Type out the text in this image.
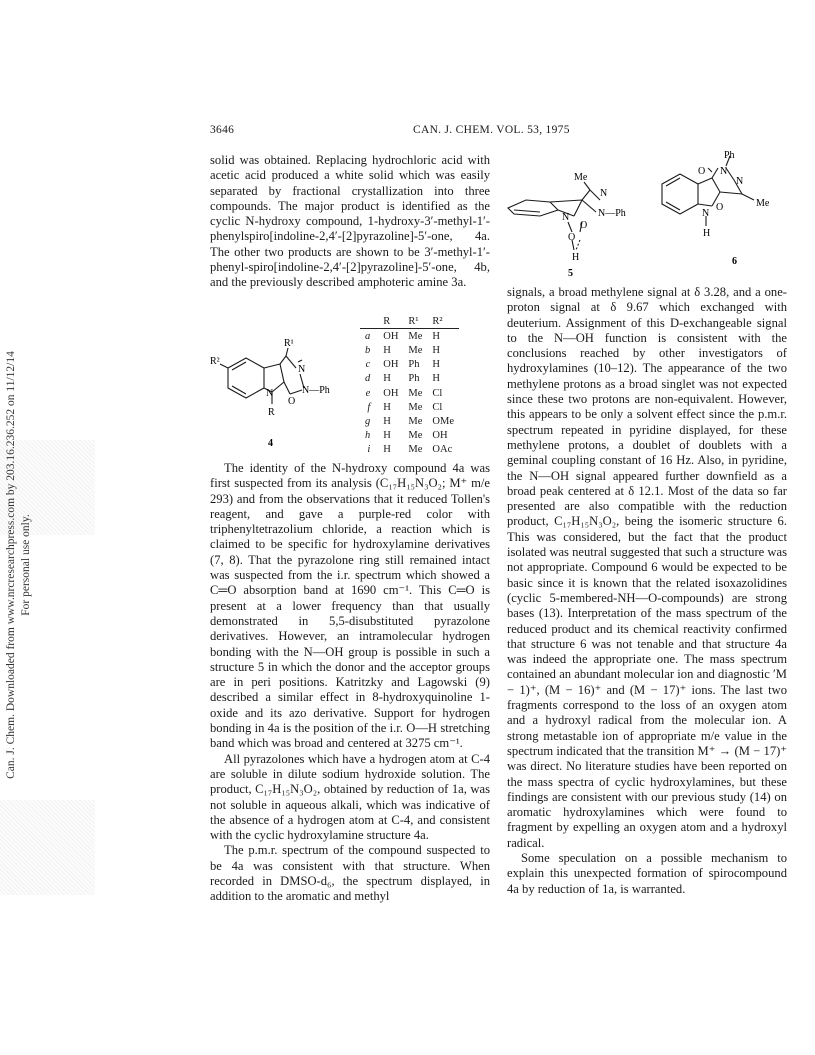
Can. J. Chem. Downloaded from www.nrcresearchpress.com by 203.16.236.252 on 11/12/14 For personal use only.
3646	CAN. J. CHEM. VOL. 53, 1975

solid was obtained. Replacing hydrochloric acid with acetic acid produced a white solid which was easily separated by fractional crystallization into three compounds. The major product is identified as the cyclic N-hydroxy compound, 1-hydroxy-3′-methyl-1′-phenylspiro[indoline-2,4′-[2]pyrazoline]-5′-one, 4a. The other two products are shown to be 3′-methyl-1′-phenyl-spiro[indoline-2,4′-[2]pyrazoline]-5′-one, 4b, and the previously described amphoteric amine 3a.

R¹
R²
N
N	N—Ph
O
R
4
	R	R¹	R²

a	OH	Me	H
b	H	Me	H
c	OH	Ph	H
d	H	Ph	H
e	OH	Me	Cl
f	H	Me	Cl
g	H	Me	OMe
h	H	Me	OH
i	H	Me	OAc

The identity of the N-hydroxy compound 4a was first suspected from its analysis (C₁₇H₁₅N₃O₂; M⁺ m/e 293) and from the observations that it reduced Tollen's reagent, and gave a purple-red color with triphenyltetrazolium chloride, a reaction which is claimed to be specific for hydroxylamine derivatives (7, 8). That the pyrazolone ring still remained intact was suspected from the i.r. spectrum which showed a C═O absorption band at 1690 cm⁻¹. This C═O is present at a lower frequency than that usually demonstrated in 5,5-disubstituted pyrazolone derivatives. However, an intramolecular hydrogen bonding with the N—OH group is possible in such a structure 5 in which the donor and the acceptor groups are in peri positions. Katritzky and Lagowski (9) described a similar effect in 8-hydroxyquinoline 1-oxide and its azo derivative. Support for hydrogen bonding in 4a is the position of the i.r. O—H stretching band which was broad and centered at 3275 cm⁻¹.

All pyrazolones which have a hydrogen atom at C-4 are soluble in dilute sodium hydroxide solution. The product, C₁₇H₁₅N₃O₂, obtained by reduction of 1a, was not soluble in aqueous alkali, which was indicative of the absence of a hydrogen atom at C-4, and consistent with the cyclic hydroxylamine structure 4a.

The p.m.r. spectrum of the compound suspected to be 4a was consistent with that structure. When recorded in DMSO-d₆, the spectrum displayed, in addition to the aromatic and methyl

Me
N
N—Ph
N
O
O
H
5
Ph
O N
N
Me
O
N
H
6

signals, a broad methylene signal at δ 3.28, and a one-proton signal at δ 9.67 which exchanged with deuterium. Assignment of this D-exchangeable signal to the N—OH function is consistent with the conclusions reached by other investigators of hydroxylamines (10–12). The appearance of the two methylene protons as a broad singlet was not expected since these two protons are non-equivalent. However, this appears to be only a solvent effect since the p.m.r. spectrum repeated in pyridine displayed, for these methylene protons, a doublet of doublets with a geminal coupling constant of 16 Hz. Also, in pyridine, the N—OH signal appeared further downfield as a broad peak centered at δ 12.1. Most of the data so far presented are also compatible with the reduction product, C₁₇H₁₅N₃O₂, being the isomeric structure 6. This was considered, but the fact that the product isolated was neutral suggested that such a structure was not appropriate. Compound 6 would be expected to be basic since it is known that the related isoxazolidines (cyclic 5-membered-NH—O-compounds) are strong bases (13). Interpretation of the mass spectrum of the reduced product and its chemical reactivity confirmed that structure 6 was not tenable and that structure 4a was indeed the appropriate one. The mass spectrum contained an abundant molecular ion and diagnostic ′M − 1)⁺, (M − 16)⁺ and (M − 17)⁺ ions. The last two fragments correspond to the loss of an oxygen atom and a hydroxyl radical from the molecular ion. A strong metastable ion of appropriate m/e value in the spectrum indicated that the transition M⁺ → (M − 17)⁺ was direct. No literature studies have been reported on the mass spectra of cyclic hydroxylamines, but these findings are consistent with our previous study (14) on aromatic hydroxylamines which were found to fragment by expelling an oxygen atom and a hydroxyl radical.

Some speculation on a possible mechanism to explain this unexpected formation of spirocompound 4a by reduction of 1a, is warranted.
